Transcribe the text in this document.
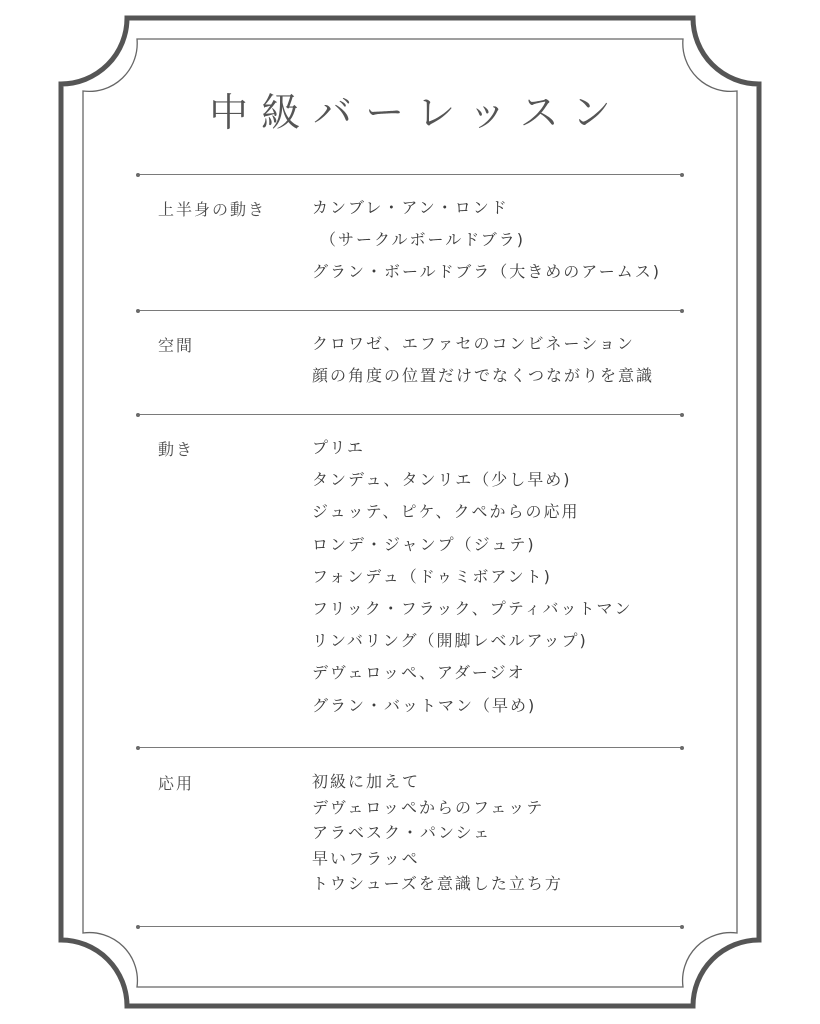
中級バーレッスン
上半身の動き	カンブレ・アン・ロンド
（サークルボールドブラ)
グラン・ボールドブラ（大きめのアームス)
空間	クロワゼ、エファセのコンビネーション
顔の角度の位置だけでなくつながりを意識
動き	プリエ
タンデュ、タンリエ（少し早め)
ジュッテ、ピケ、クペからの応用
ロンデ・ジャンプ（ジュテ)
フォンデュ（ドゥミボアント)
フリック・フラック、プティバットマン
リンバリング（開脚レベルアップ)
デヴェロッペ、アダージオ
グラン・バットマン（早め)
応用	初級に加えて
デヴェロッペからのフェッテ
アラベスク・パンシェ
早いフラッペ
トウシューズを意識した立ち方
